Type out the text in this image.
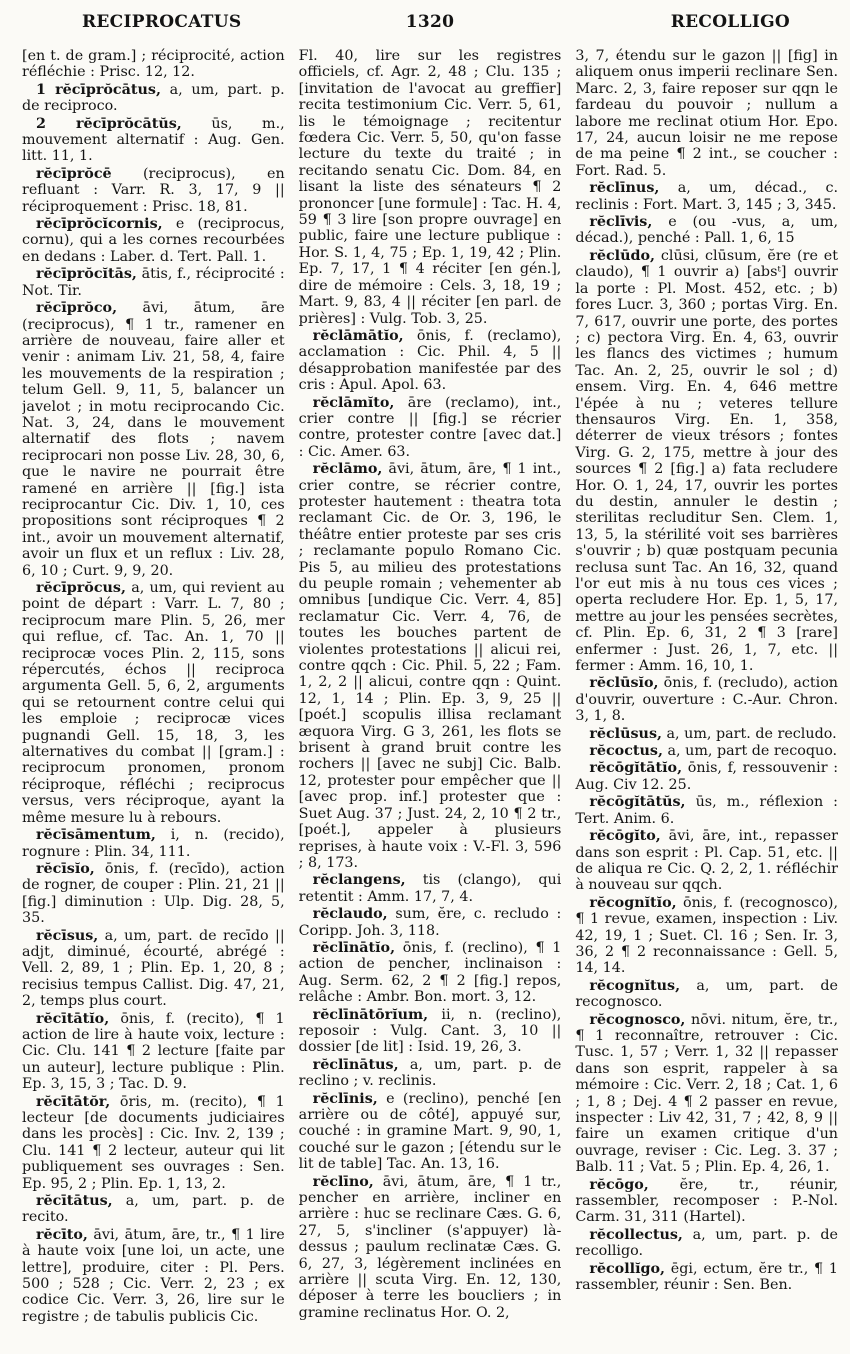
RECIPROCATUS	1320	RECOLLIGO

[en t. de gram.] ; réciprocité, action réfléchie : Prisc. 12, 12.

1 rĕcīprŏcātus, a, um, part. p. de reciproco.

2 rĕcīprŏcātŭs, ūs, m., mouvement alternatif : Aug. Gen. litt. 11, 1.

rĕcīprŏcē (reciprocus), en refluant : Varr. R. 3, 17, 9 || réciproquement : Prisc. 18, 81.

rĕcīprŏcĭcornis, e (reciprocus, cornu), qui a les cornes recourbées en dedans : Laber. d. Tert. Pall. 1.

rĕcīprŏcĭtās, ātis, f., réciprocité : Not. Tir.

rĕcīprŏco, āvi, ātum, āre (reciprocus), ¶ 1 tr., ramener en arrière de nouveau, faire aller et venir : animam Liv. 21, 58, 4, faire les mouvements de la respiration ; telum Gell. 9, 11, 5, balancer un javelot ; in motu reciprocando Cic. Nat. 3, 24, dans le mouvement alternatif des flots ; navem reciprocari non posse Liv. 28, 30, 6, que le navire ne pourrait être ramené en arrière || [fig.] ista reciprocantur Cic. Div. 1, 10, ces propositions sont réciproques ¶ 2 int., avoir un mouvement alternatif, avoir un flux et un reflux : Liv. 28, 6, 10 ; Curt. 9, 9, 20.

rĕcīprŏcus, a, um, qui revient au point de départ : Varr. L. 7, 80 ; reciprocum mare Plin. 5, 26, mer qui reflue, cf. Tac. An. 1, 70 || reciprocæ voces Plin. 2, 115, sons répercutés, échos || reciproca argumenta Gell. 5, 6, 2, arguments qui se retournent contre celui qui les emploie ; reciprocæ vices pugnandi Gell. 15, 18, 3, les alternatives du combat || [gram.] : reciprocum pronomen, pronom réciproque, réfléchi ; reciprocus versus, vers réciproque, ayant la même mesure lu à rebours.

rĕcīsāmentum, i, n. (recido), rognure : Plin. 34, 111.

rĕcīsĭo, ōnis, f. (recīdo), action de rogner, de couper : Plin. 21, 21 || [fig.] diminution : Ulp. Dig. 28, 5, 35.

rĕcīsus, a, um, part. de recīdo || adjt, diminué, écourté, abrégé : Vell. 2, 89, 1 ; Plin. Ep. 1, 20, 8 ; recisius tempus Callist. Dig. 47, 21, 2, temps plus court.

rĕcītātĭo, ōnis, f. (recito), ¶ 1 action de lire à haute voix, lecture : Cic. Clu. 141 ¶ 2 lecture [faite par un auteur], lecture publique : Plin. Ep. 3, 15, 3 ; Tac. D. 9.

rĕcītātŏr, ōris, m. (recito), ¶ 1 lecteur [de documents judiciaires dans les procès] : Cic. Inv. 2, 139 ; Clu. 141 ¶ 2 lecteur, auteur qui lit publiquement ses ouvrages : Sen. Ep. 95, 2 ; Plin. Ep. 1, 13, 2.

rĕcītātus, a, um, part. p. de recito.

rĕcīto, āvi, ātum, āre, tr., ¶ 1 lire à haute voix [une loi, un acte, une lettre], produire, citer : Pl. Pers. 500 ; 528 ; Cic. Verr. 2, 23 ; ex codice Cic. Verr. 3, 26, lire sur le registre ; de tabulis publicis Cic.

Fl. 40, lire sur les registres officiels, cf. Agr. 2, 48 ; Clu. 135 ; [invitation de l'avocat au greffier] recita testimonium Cic. Verr. 5, 61, lis le témoignage ; recitentur fœdera Cic. Verr. 5, 50, qu'on fasse lecture du texte du traité ; in recitando senatu Cic. Dom. 84, en lisant la liste des sénateurs ¶ 2 prononcer [une formule] : Tac. H. 4, 59 ¶ 3 lire [son propre ouvrage] en public, faire une lecture publique : Hor. S. 1, 4, 75 ; Ep. 1, 19, 42 ; Plin. Ep. 7, 17, 1 ¶ 4 réciter [en gén.], dire de mémoire : Cels. 3, 18, 19 ; Mart. 9, 83, 4 || réciter [en parl. de prières] : Vulg. Tob. 3, 25.

rĕclāmātĭo, ōnis, f. (reclamo), acclamation : Cic. Phil. 4, 5 || désapprobation manifestée par des cris : Apul. Apol. 63.

rĕclāmĭto, āre (reclamo), int., crier contre || [fig.] se récrier contre, protester contre [avec dat.] : Cic. Amer. 63.

rĕclāmo, āvi, ātum, āre, ¶ 1 int., crier contre, se récrier contre, protester hautement : theatra tota reclamant Cic. de Or. 3, 196, le théâtre entier proteste par ses cris ; reclamante populo Romano Cic. Pis 5, au milieu des protestations du peuple romain ; vehementer ab omnibus [undique Cic. Verr. 4, 85] reclamatur Cic. Verr. 4, 76, de toutes les bouches partent de violentes protestations || alicui rei, contre qqch : Cic. Phil. 5, 22 ; Fam. 1, 2, 2 || alicui, contre qqn : Quint. 12, 1, 14 ; Plin. Ep. 3, 9, 25 || [poét.] scopulis illisa reclamant æquora Virg. G 3, 261, les flots se brisent à grand bruit contre les rochers || [avec ne subj] Cic. Balb. 12, protester pour empêcher que || [avec prop. inf.] protester que : Suet Aug. 37 ; Just. 24, 2, 10 ¶ 2 tr., [poét.], appeler à plusieurs reprises, à haute voix : V.-Fl. 3, 596 ; 8, 173.

rĕclangens, tis (clango), qui retentit : Amm. 17, 7, 4.

rĕclaudo, sum, ĕre, c. recludo : Coripp. Joh. 3, 118.

rĕclīnātĭo, ōnis, f. (reclino), ¶ 1 action de pencher, inclinaison : Aug. Serm. 62, 2 ¶ 2 [fig.] repos, relâche : Ambr. Bon. mort. 3, 12.

rĕclīnātōrĭum, ii, n. (reclino), reposoir : Vulg. Cant. 3, 10 || dossier [de lit] : Isid. 19, 26, 3.

rĕclīnātus, a, um, part. p. de reclino ; v. reclinis.

rĕclīnis, e (reclino), penché [en arrière ou de côté], appuyé sur, couché : in gramine Mart. 9, 90, 1, couché sur le gazon ; [étendu sur le lit de table] Tac. An. 13, 16.

rĕclīno, āvi, ātum, āre, ¶ 1 tr., pencher en arrière, incliner en arrière : huc se reclinare Cæs. G. 6, 27, 5, s'incliner (s'appuyer) là-dessus ; paulum reclinatæ Cæs. G. 6, 27, 3, légèrement inclinées en arrière || scuta Virg. En. 12, 130, déposer à terre les boucliers ; in gramine reclinatus Hor. O. 2,

3, 7, étendu sur le gazon || [fig] in aliquem onus imperii reclinare Sen. Marc. 2, 3, faire reposer sur qqn le fardeau du pouvoir ; nullum a labore me reclinat otium Hor. Epo. 17, 24, aucun loisir ne me repose de ma peine ¶ 2 int., se coucher : Fort. Rad. 5.

rĕclīnus, a, um, décad., c. reclinis : Fort. Mart. 3, 145 ; 3, 345.

rĕclīvis, e (ou -vus, a, um, décad.), penché : Pall. 1, 6, 15

rĕclūdo, clūsi, clūsum, ĕre (re et claudo), ¶ 1 ouvrir a) [absᵗ] ouvrir la porte : Pl. Most. 452, etc. ; b) fores Lucr. 3, 360 ; portas Virg. En. 7, 617, ouvrir une porte, des portes ; c) pectora Virg. En. 4, 63, ouvrir les flancs des victimes ; humum Tac. An. 2, 25, ouvrir le sol ; d) ensem. Virg. En. 4, 646 mettre l'épée à nu ; veteres tellure thensauros Virg. En. 1, 358, déterrer de vieux trésors ; fontes Virg. G. 2, 175, mettre à jour des sources ¶ 2 [fig.] a) fata recludere Hor. O. 1, 24, 17, ouvrir les portes du destin, annuler le destin ; sterilitas recluditur Sen. Clem. 1, 13, 5, la stérilité voit ses barrières s'ouvrir ; b) quæ postquam pecunia reclusa sunt Tac. An 16, 32, quand l'or eut mis à nu tous ces vices ; operta recludere Hor. Ep. 1, 5, 17, mettre au jour les pensées secrètes, cf. Plin. Ep. 6, 31, 2 ¶ 3 [rare] enfermer : Just. 26, 1, 7, etc. || fermer : Amm. 16, 10, 1.

rĕclūsĭo, ōnis, f. (recludo), action d'ouvrir, ouverture : C.-Aur. Chron. 3, 1, 8.

rĕclūsus, a, um, part. de recludo.

rĕcoctus, a, um, part de recoquo.

rĕcōgĭtātĭo, ōnis, f, ressouvenir : Aug. Civ 12. 25.

rĕcōgĭtātŭs, ūs, m., réflexion : Tert. Anim. 6.

rĕcōgĭto, āvi, āre, int., repasser dans son esprit : Pl. Cap. 51, etc. || de aliqua re Cic. Q. 2, 2, 1. réfléchir à nouveau sur qqch.

rĕcognĭtĭo, ōnis, f. (recognosco), ¶ 1 revue, examen, inspection : Liv. 42, 19, 1 ; Suet. Cl. 16 ; Sen. Ir. 3, 36, 2 ¶ 2 reconnaissance : Gell. 5, 14, 14.

rĕcognĭtus, a, um, part. de recognosco.

rĕcognosco, nōvi. nitum, ĕre, tr., ¶ 1 reconnaître, retrouver : Cic. Tusc. 1, 57 ; Verr. 1, 32 || repasser dans son esprit, rappeler à sa mémoire : Cic. Verr. 2, 18 ; Cat. 1, 6 ; 1, 8 ; Dej. 4 ¶ 2 passer en revue, inspecter : Liv 42, 31, 7 ; 42, 8, 9 || faire un examen critique d'un ouvrage, reviser : Cic. Leg. 3. 37 ; Balb. 11 ; Vat. 5 ; Plin. Ep. 4, 26, 1.

rĕcōgo, ĕre, tr., réunir, rassembler, recomposer : P.-Nol. Carm. 31, 311 (Hartel).

rĕcollectus, a, um, part. p. de recolligo.

rĕcollĭgo, ēgi, ectum, ĕre tr., ¶ 1 rassembler, réunir : Sen. Ben.
